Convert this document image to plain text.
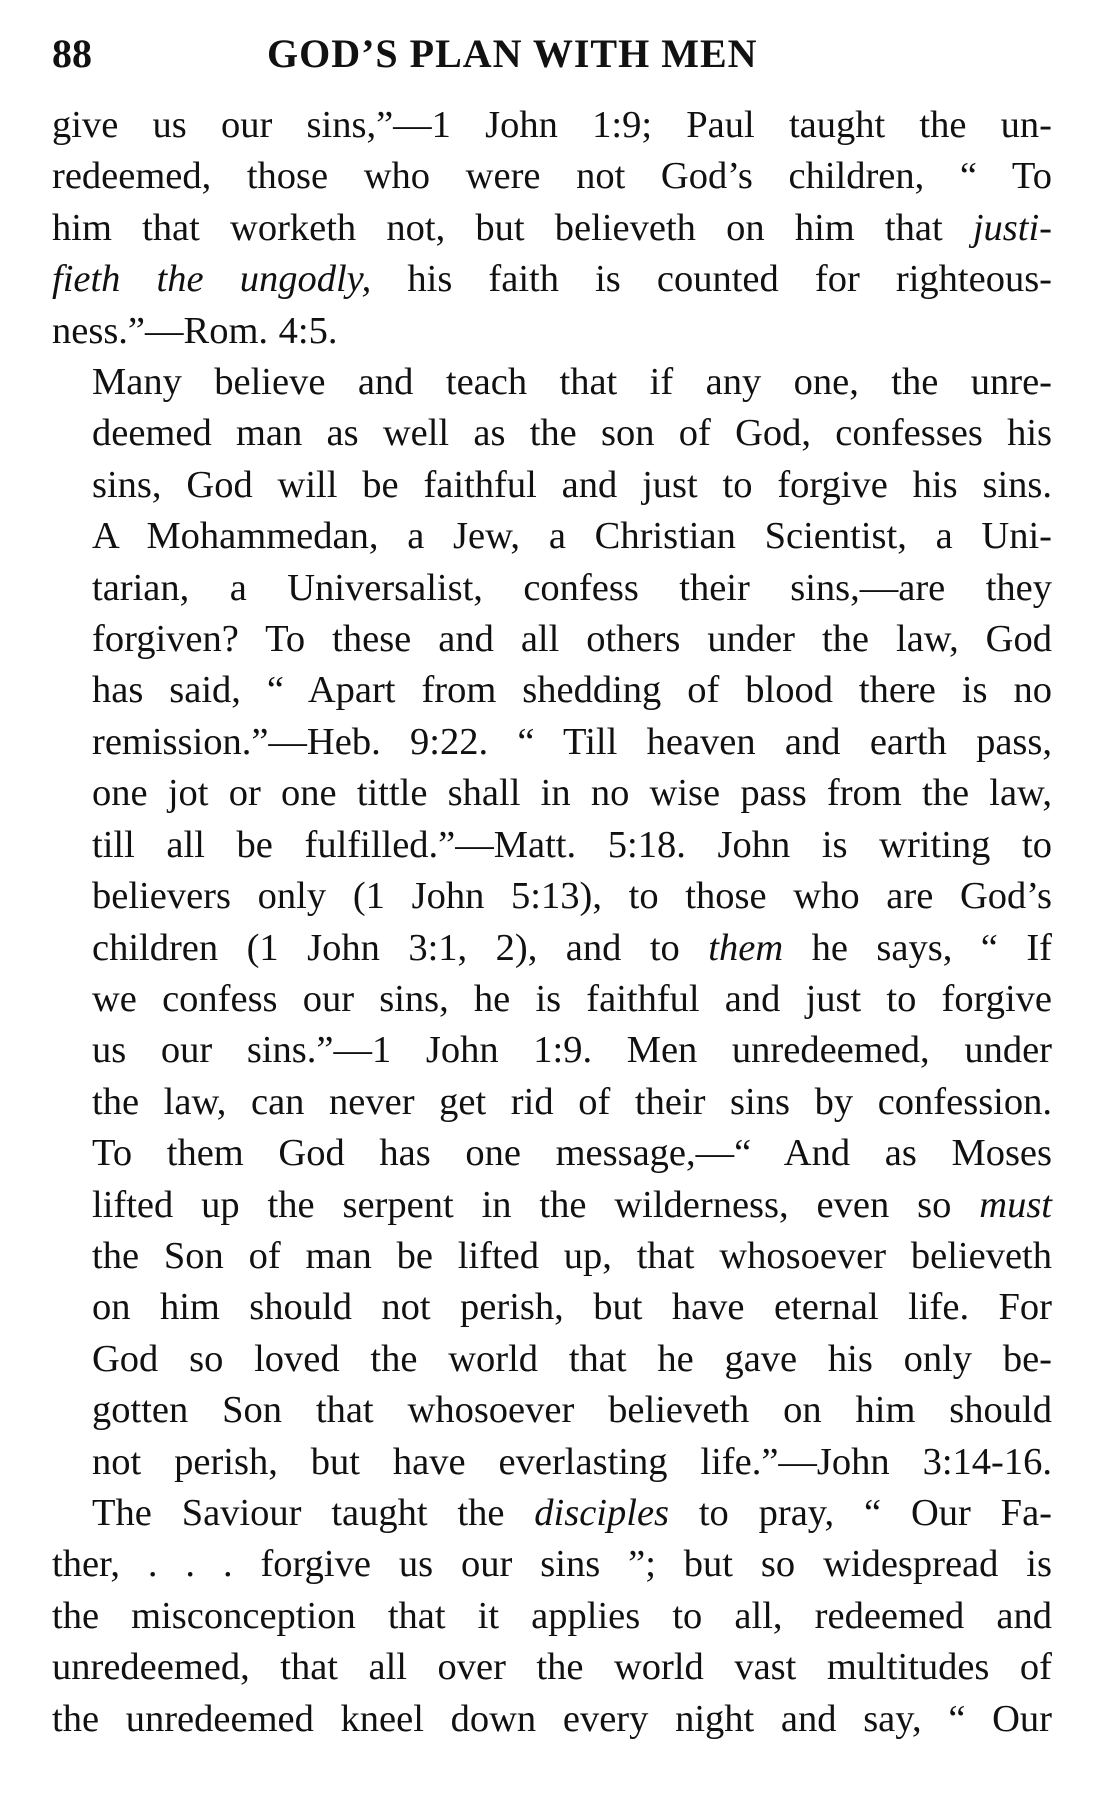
88	GOD’S PLAN WITH MEN

give us our sins,”—1 John 1:9; Paul taught the un-
redeemed, those who were not God’s children, “ To
him that worketh not, but believeth on him that justi-
fieth the ungodly, his faith is counted for righteous-
ness.”—Rom. 4:5.

Many believe and teach that if any one, the unre-
deemed man as well as the son of God, confesses his
sins, God will be faithful and just to forgive his sins.
A Mohammedan, a Jew, a Christian Scientist, a Uni-
tarian, a Universalist, confess their sins,—are they
forgiven? To these and all others under the law, God
has said, “ Apart from shedding of blood there is no
remission.”—Heb. 9:22. “ Till heaven and earth pass,
one jot or one tittle shall in no wise pass from the law,
till all be fulfilled.”—Matt. 5:18. John is writing to
believers only (1 John 5:13), to those who are God’s
children (1 John 3:1, 2), and to them he says, “ If
we confess our sins, he is faithful and just to forgive
us our sins.”—1 John 1:9. Men unredeemed, under
the law, can never get rid of their sins by confession.
To them God has one message,—“ And as Moses
lifted up the serpent in the wilderness, even so must
the Son of man be lifted up, that whosoever believeth
on him should not perish, but have eternal life. For
God so loved the world that he gave his only be-
gotten Son that whosoever believeth on him should
not perish, but have everlasting life.”—John 3:14-16.

The Saviour taught the disciples to pray, “ Our Fa-
ther, . . . forgive us our sins ”; but so widespread is
the misconception that it applies to all, redeemed and
unredeemed, that all over the world vast multitudes of
the unredeemed kneel down every night and say, “ Our
